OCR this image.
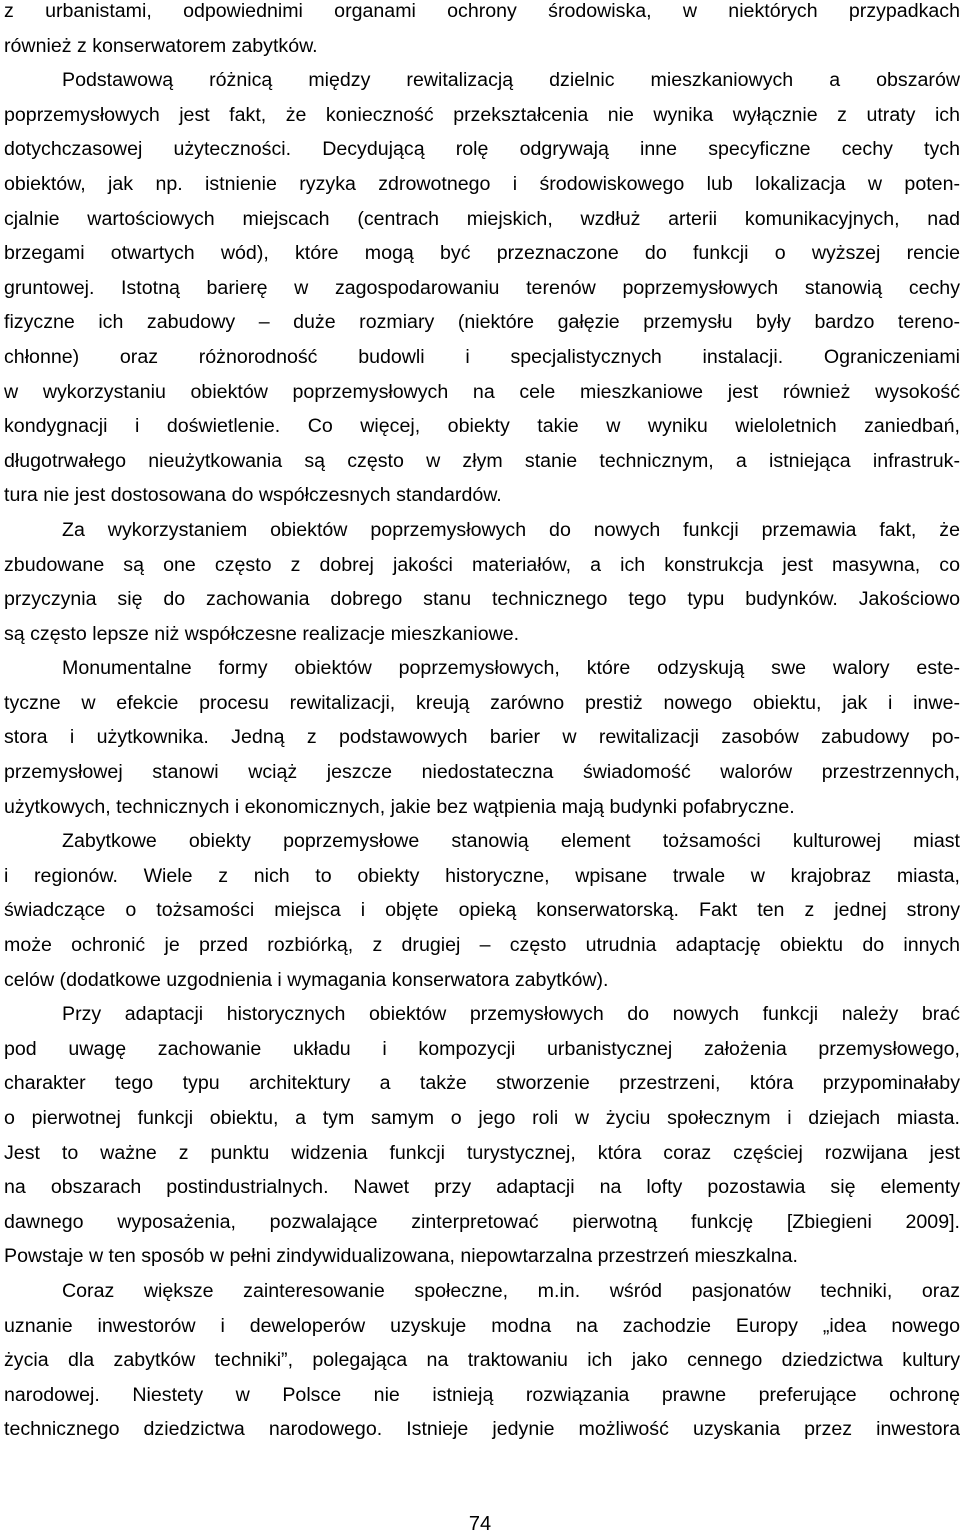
z urbanistami, odpowiednimi organami ochrony środowiska, w niektórych przypadkach
również z konserwatorem zabytków.
Podstawową różnicą między rewitalizacją dzielnic mieszkaniowych a obszarów
poprzemysłowych jest fakt, że konieczność przekształcenia nie wynika wyłącznie z utraty ich
dotychczasowej użyteczności. Decydującą rolę odgrywają inne specyficzne cechy tych
obiektów, jak np. istnienie ryzyka zdrowotnego i środowiskowego lub lokalizacja w poten-
cjalnie wartościowych miejscach (centrach miejskich, wzdłuż arterii komunikacyjnych, nad
brzegami otwartych wód), które mogą być przeznaczone do funkcji o wyższej rencie
gruntowej. Istotną barierę w zagospodarowaniu terenów poprzemysłowych stanowią cechy
fizyczne ich zabudowy – duże rozmiary (niektóre gałęzie przemysłu były bardzo tereno-
chłonne) oraz różnorodność budowli i specjalistycznych instalacji. Ograniczeniami
w wykorzystaniu obiektów poprzemysłowych na cele mieszkaniowe jest również wysokość
kondygnacji i doświetlenie. Co więcej, obiekty takie w wyniku wieloletnich zaniedbań,
długotrwałego nieużytkowania są często w złym stanie technicznym, a istniejąca infrastruk-
tura nie jest dostosowana do współczesnych standardów.
Za wykorzystaniem obiektów poprzemysłowych do nowych funkcji przemawia fakt, że
zbudowane są one często z dobrej jakości materiałów, a ich konstrukcja jest masywna, co
przyczynia się do zachowania dobrego stanu technicznego tego typu budynków. Jakościowo
są często lepsze niż współczesne realizacje mieszkaniowe.
Monumentalne formy obiektów poprzemysłowych, które odzyskują swe walory este-
tyczne w efekcie procesu rewitalizacji, kreują zarówno prestiż nowego obiektu, jak i inwe-
stora i użytkownika. Jedną z podstawowych barier w rewitalizacji zasobów zabudowy po-
przemysłowej stanowi wciąż jeszcze niedostateczna świadomość walorów przestrzennych,
użytkowych, technicznych i ekonomicznych, jakie bez wątpienia mają budynki pofabryczne.
Zabytkowe obiekty poprzemysłowe stanowią element tożsamości kulturowej miast
i regionów. Wiele z nich to obiekty historyczne, wpisane trwale w krajobraz miasta,
świadczące o tożsamości miejsca i objęte opieką konserwatorską. Fakt ten z jednej strony
może ochronić je przed rozbiórką, z drugiej – często utrudnia adaptację obiektu do innych
celów (dodatkowe uzgodnienia i wymagania konserwatora zabytków).
Przy adaptacji historycznych obiektów przemysłowych do nowych funkcji należy brać
pod uwagę zachowanie układu i kompozycji urbanistycznej założenia przemysłowego,
charakter tego typu architektury a także stworzenie przestrzeni, która przypominałaby
o pierwotnej funkcji obiektu, a tym samym o jego roli w życiu społecznym i dziejach miasta.
Jest to ważne z punktu widzenia funkcji turystycznej, która coraz częściej rozwijana jest
na obszarach postindustrialnych. Nawet przy adaptacji na lofty pozostawia się elementy
dawnego wyposażenia, pozwalające zinterpretować pierwotną funkcję [Zbiegieni 2009].
Powstaje w ten sposób w pełni zindywidualizowana, niepowtarzalna przestrzeń mieszkalna.
Coraz większe zainteresowanie społeczne, m.in. wśród pasjonatów techniki, oraz
uznanie inwestorów i deweloperów uzyskuje modna na zachodzie Europy „idea nowego
życia dla zabytków techniki”, polegająca na traktowaniu ich jako cennego dziedzictwa kultury
narodowej. Niestety w Polsce nie istnieją rozwiązania prawne preferujące ochronę
technicznego dziedzictwa narodowego. Istnieje jedynie możliwość uzyskania przez inwestora
74
